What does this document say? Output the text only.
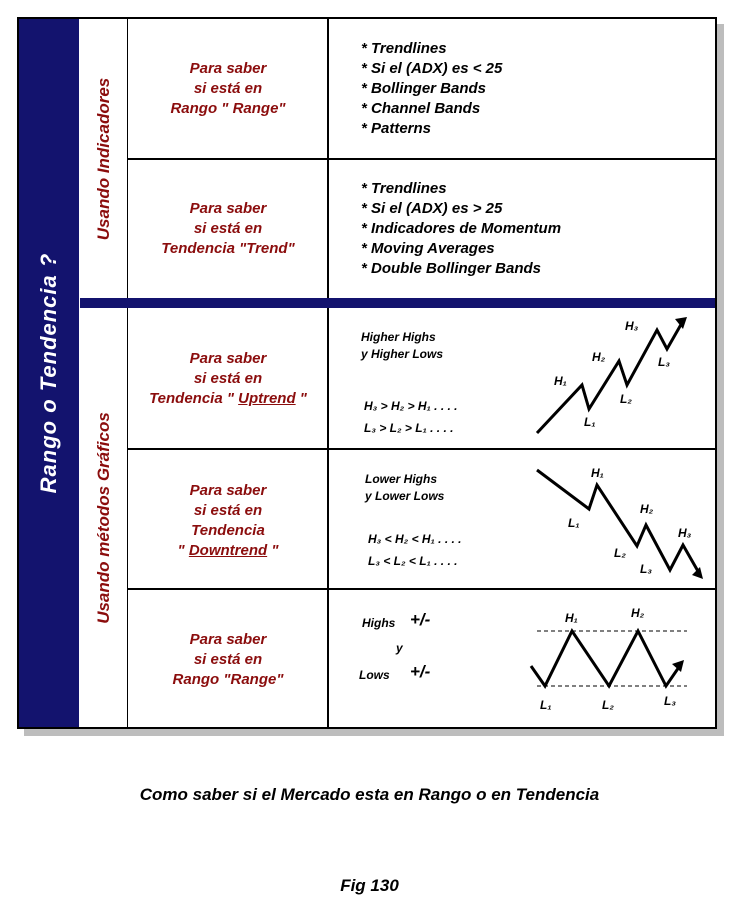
Rango o Tendencia ?
Usando Indicadores
Usando métodos Gráficos
Para saber
si está en
Rango " Range"
* Trendlines
* Si el (ADX) es < 25
* Bollinger Bands
* Channel Bands
* Patterns
Para saber
si está en
Tendencia "Trend"
* Trendlines
* Si el (ADX) es > 25
* Indicadores de Momentum
* Moving Averages
* Double Bollinger Bands
Para saber
si está en
Tendencia " Uptrend "
Higher Highs
y Higher Lows
H₃ > H₂ > H₁ . . . .
L₃ > L₂ > L₁ . . . .
H₁
H₂
H₃
L₁
L₂
L₃
Para saber
si está en
Tendencia
" Downtrend "
Lower Highs
y Lower Lows
H₃ < H₂ < H₁ . . . .
L₃ < L₂ < L₁ . . . .
H₁
H₂
H₃
L₁
L₂
L₃
Para saber
si está en
Rango "Range"
Highs +/-
y
Lows +/-
H₁	H₂
L₁	L₂	L₃
Como saber si el Mercado esta en Rango o en Tendencia
Fig 130
